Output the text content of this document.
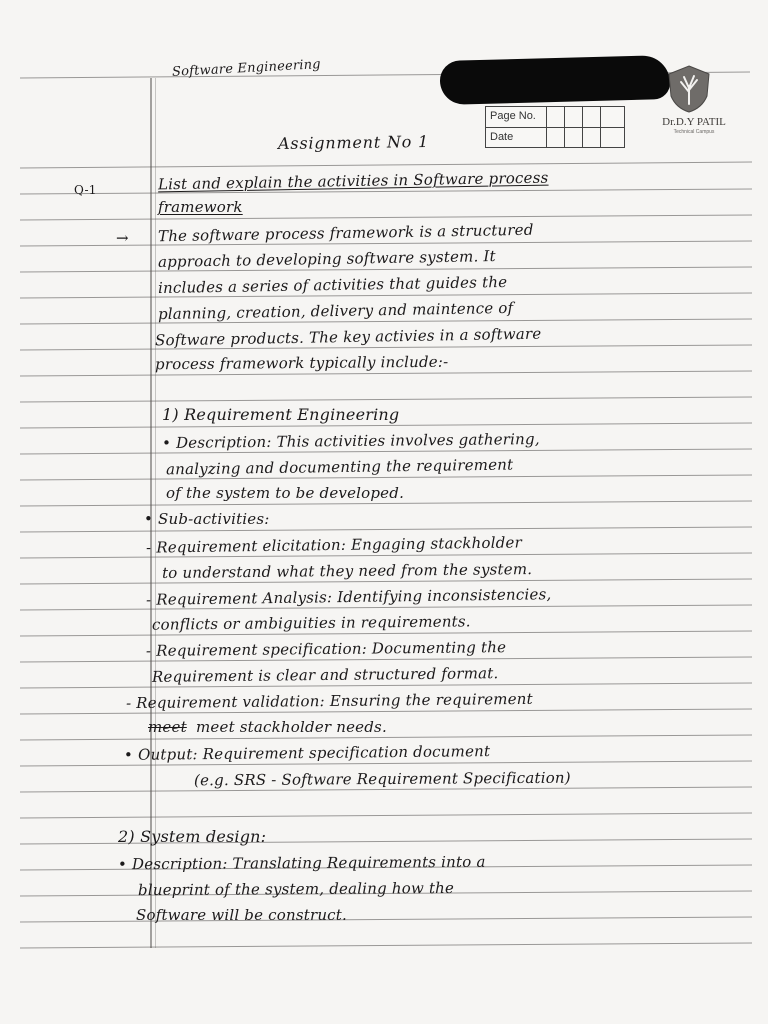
Page No.
Date
Dr.D.Y PATIL
Technical Campus
Software Engineering
Assignment No 1
Q-1
→
List and explain the activities in Software process
framework
The software process framework is a structured
approach to developing software system. It
includes a series of activities that guides the
planning, creation, delivery and maintence of
Software products. The key activies in a software
process framework typically include:-
1) Requirement Engineering
• Description: This activities involves gathering,
analyzing and documenting the requirement
of the system to be developed.
• Sub-activities:
- Requirement elicitation: Engaging stackholder
to understand what they need from the system.
- Requirement Analysis: Identifying inconsistencies,
conflicts or ambiguities in requirements.
- Requirement specification: Documenting the
Requirement is clear and structured format.
- Requirement validation: Ensuring the requirement
meet meet stackholder needs.
• Output: Requirement specification document
(e.g. SRS - Software Requirement Specification)
2) System design:
• Description: Translating Requirements into a
blueprint of the system, dealing how the
Software will be construct.
